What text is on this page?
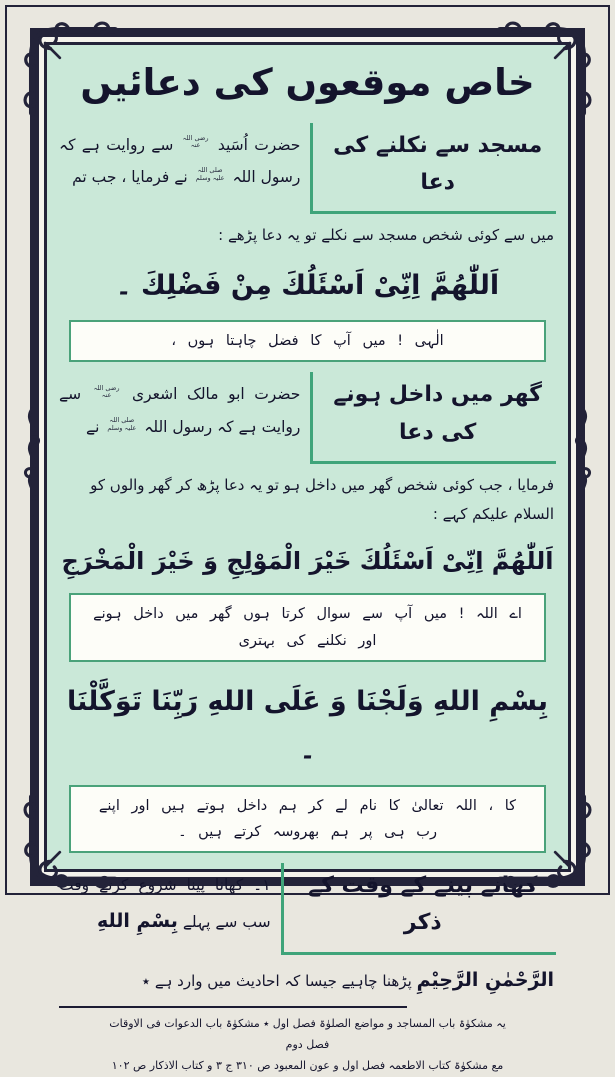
خاص موقعوں کی دعائیں
مسجد سے نکلنے کی دعا

حضرت اُسَید
رضی اللہ
عنہ
سے روایت ہے کہ رسول اللہ
صلی اللہ
علیہ وسلم
نے فرمایا ، جب تم

میں سے کوئی شخص مسجد سے نکلے تو یہ دعا پڑھے :
اَللّٰهُمَّ اِنِّیْ اَسْئَلُكَ مِنْ فَضْلِكَ ۔
الٰہی ! میں آپ کا فضل چاہتا ہوں ،
گھر میں داخل ہونے کی دعا

حضرت ابو مالک اشعری
رضی اللہ
عنہ
سے روایت ہے کہ رسول اللہ
صلی اللہ
علیہ وسلم
نے

فرمایا ، جب کوئی شخص گھر میں داخل ہو تو یہ دعا پڑھ کر گھر والوں کو السلام علیکم کہے :
اَللّٰهُمَّ اِنِّیْ اَسْئَلُكَ خَیْرَ الْمَوْلِجِ وَ خَیْرَ الْمَخْرَجِ
اے اللہ ! میں آپ سے سوال کرتا ہوں گھر میں داخل ہونے اور نکلنے کی بہتری
بِسْمِ اللهِ وَلَجْنَا وَ عَلَی اللهِ رَبِّنَا تَوَکَّلْنَا ۔
کا ، اللہ تعالیٰ کا نام لے کر ہم داخل ہوتے ہیں اور اپنے رب ہی پر ہم بھروسہ کرتے ہیں ۔
کھانے پینے کے وقت کے ذکر

۱۔ کھانا پینا شروع کرتے وقت سب سے پہلے بِسْمِ اللهِ

الرَّحْمٰنِ الرَّحِیْمِ پڑھنا چاہیے جیسا کہ احادیث میں وارد ہے ٭
یہ مشکوٰۃ باب المساجد و مواضع الصلوٰۃ فصل اول ٭ مشکوٰۃ باب الدعوات فی الاوقات فصل دوم
مع مشکوٰۃ کتاب الاطعمہ فصل اول و عون المعبود ص ۳۱۰ ج ۳ و کتاب الاذکار ص ۱۰۲
